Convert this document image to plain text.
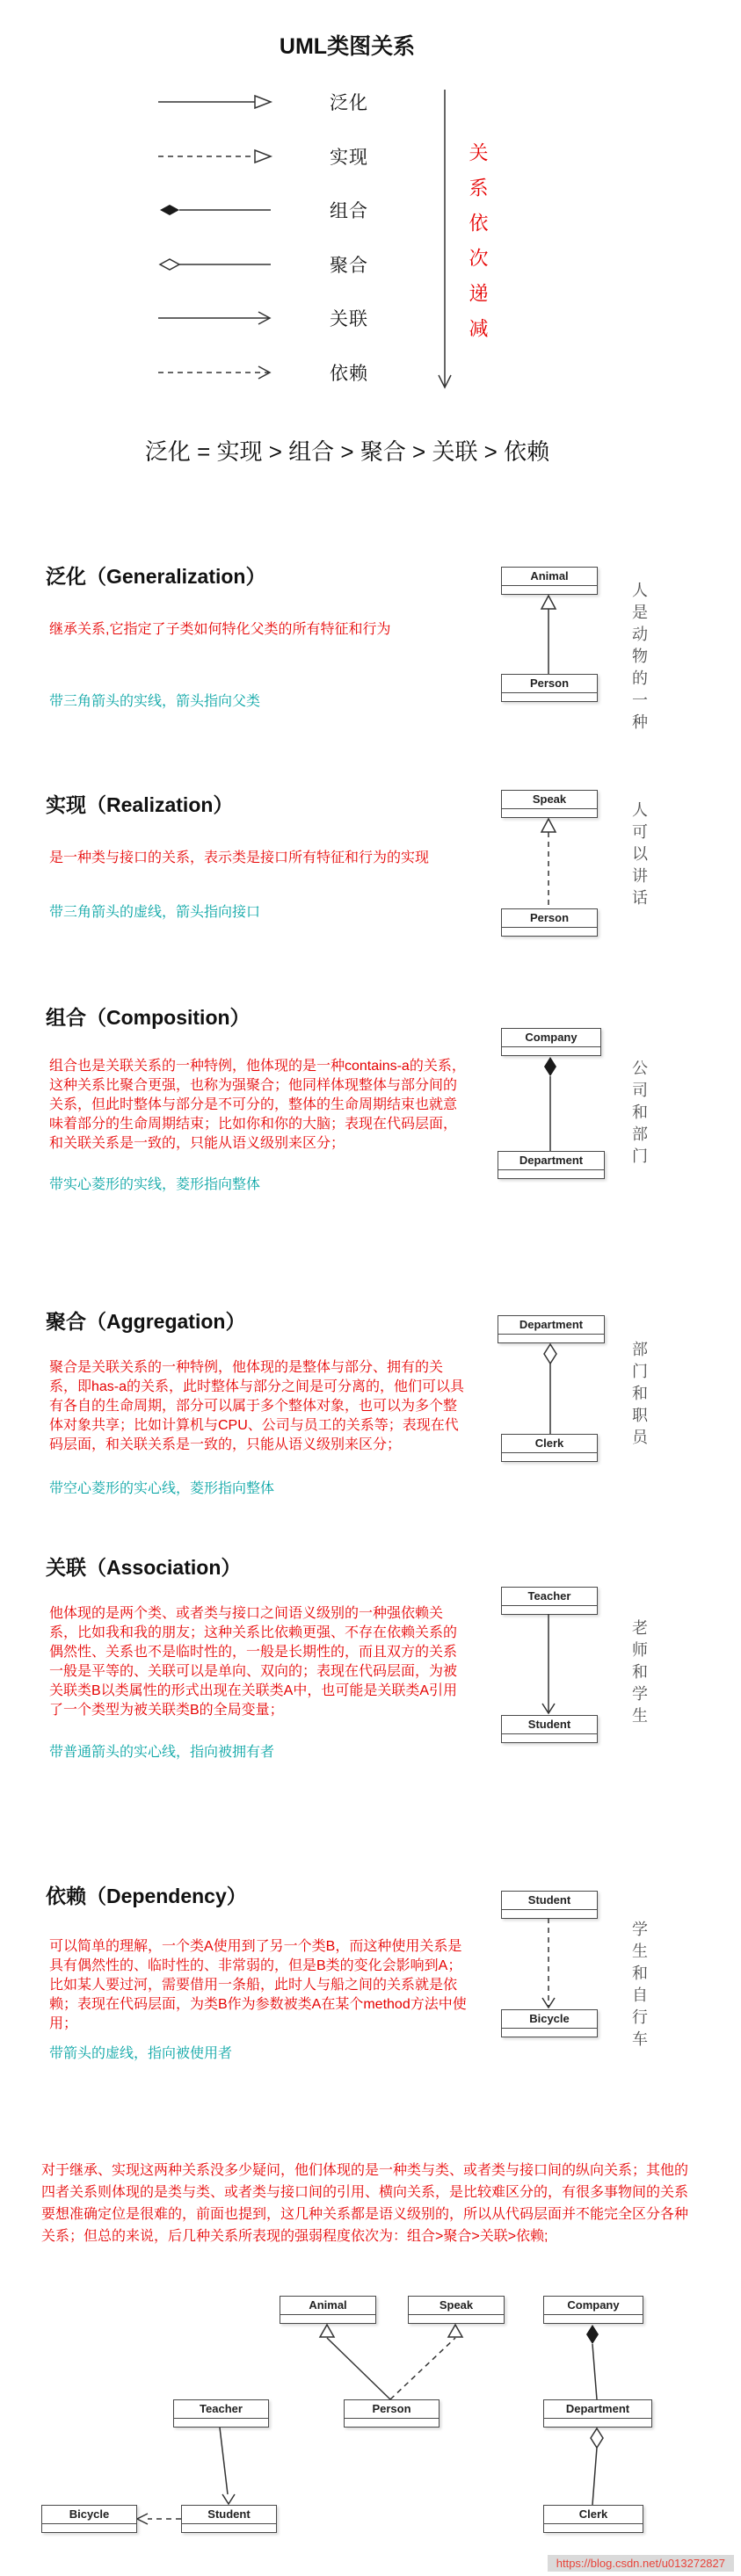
UML类图关系
泛化
实现
组合
聚合
关联
依赖
关系依次递减
泛化 = 实现 > 组合 > 聚合 > 关联 > 依赖
泛化（Generalization）

继承关系,它指定了子类如何特化父类的所有特征和行为

带三角箭头的实线，箭头指向父类

Animal
Person	人是动物的一种
实现（Realization）

是一种类与接口的关系，表示类是接口所有特征和行为的实现

带三角箭头的虚线，箭头指向接口

Speak
Person
人可以讲话
组合（Composition）

组合也是关联关系的一种特例，他体现的是一种contains-a的关系，这种关系比聚合更强，也称为强聚合；他同样体现整体与部分间的关系，但此时整体与部分是不可分的，整体的生命周期结束也就意味着部分的生命周期结束；比如你和你的大脑；表现在代码层面，和关联关系是一致的，只能从语义级别来区分；

带实心菱形的实线，菱形指向整体

Company
Department	公司和部门
聚合（Aggregation）

聚合是关联关系的一种特例，他体现的是整体与部分、拥有的关系，即has-a的关系，此时整体与部分之间是可分离的，他们可以具有各自的生命周期，部分可以属于多个整体对象，也可以为多个整体对象共享；比如计算机与CPU、公司与员工的关系等；表现在代码层面，和关联关系是一致的，只能从语义级别来区分；

带空心菱形的实心线，菱形指向整体

Department
Clerk	部门和职员
关联（Association）

他体现的是两个类、或者类与接口之间语义级别的一种强依赖关系，比如我和我的朋友；这种关系比依赖更强、不存在依赖关系的偶然性、关系也不是临时性的，一般是长期性的，而且双方的关系一般是平等的、关联可以是单向、双向的；表现在代码层面，为被关联类B以类属性的形式出现在关联类A中，也可能是关联类A引用了一个类型为被关联类B的全局变量；

带普通箭头的实心线，指向被拥有者

Teacher
Student	老师和学生
依赖（Dependency）

可以简单的理解，一个类A使用到了另一个类B，而这种使用关系是具有偶然性的、临时性的、非常弱的，但是B类的变化会影响到A；比如某人要过河，需要借用一条船，此时人与船之间的关系就是依赖；表现在代码层面，为类B作为参数被类A在某个method方法中使用；

带箭头的虚线，指向被使用者

Student
Bicycle	学生和自行车

对于继承、实现这两种关系没多少疑问，他们体现的是一种类与类、或者类与接口间的纵向关系；其他的四者关系则体现的是类与类、或者类与接口间的引用、横向关系，是比较难区分的，有很多事物间的关系要想准确定位是很难的，前面也提到，这几种关系都是语义级别的，所以从代码层面并不能完全区分各种关系；但总的来说，后几种关系所表现的强弱程度依次为：组合>聚合>关联>依赖;

Animal	Speak	Company
Teacher	Person	Department
Bicycle	Student	Clerk
https://blog.csdn.net/u013272827
